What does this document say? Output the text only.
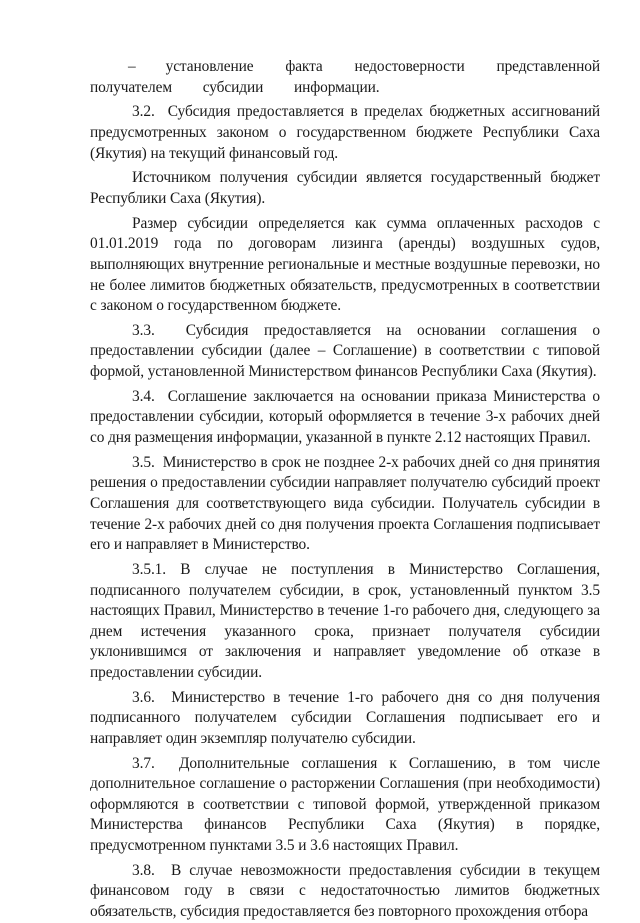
– установление факта недостоверности представленной получателем субсидии информации.

3.2. Субсидия предоставляется в пределах бюджетных ассигнований предусмотренных законом о государственном бюджете Республики Саха (Якутия) на текущий финансовый год.

Источником получения субсидии является государственный бюджет Республики Саха (Якутия).

Размер субсидии определяется как сумма оплаченных расходов с 01.01.2019 года по договорам лизинга (аренды) воздушных судов, выполняющих внутренние региональные и местные воздушные перевозки, но не более лимитов бюджетных обязательств, предусмотренных в соответствии с законом о государственном бюджете.

3.3. Субсидия предоставляется на основании соглашения о предоставлении субсидии (далее – Соглашение) в соответствии с типовой формой, установленной Министерством финансов Республики Саха (Якутия).

3.4. Соглашение заключается на основании приказа Министерства о предоставлении субсидии, который оформляется в течение 3-х рабочих дней со дня размещения информации, указанной в пункте 2.12 настоящих Правил.

3.5. Министерство в срок не позднее 2-х рабочих дней со дня принятия решения о предоставлении субсидии направляет получателю субсидий проект Соглашения для соответствующего вида субсидии. Получатель субсидии в течение 2-х рабочих дней со дня получения проекта Соглашения подписывает его и направляет в Министерство.

3.5.1. В случае не поступления в Министерство Соглашения, подписанного получателем субсидии, в срок, установленный пунктом 3.5 настоящих Правил, Министерство в течение 1-го рабочего дня, следующего за днем истечения указанного срока, признает получателя субсидии уклонившимся от заключения и направляет уведомление об отказе в предоставлении субсидии.

3.6. Министерство в течение 1-го рабочего дня со дня получения подписанного получателем субсидии Соглашения подписывает его и направляет один экземпляр получателю субсидии.

3.7. Дополнительные соглашения к Соглашению, в том числе дополнительное соглашение о расторжении Соглашения (при необходимости) оформляются в соответствии с типовой формой, утвержденной приказом Министерства финансов Республики Саха (Якутия) в порядке, предусмотренном пунктами 3.5 и 3.6 настоящих Правил.

3.8. В случае невозможности предоставления субсидии в текущем финансовом году в связи с недостаточностью лимитов бюджетных обязательств, субсидия предоставляется без повторного прохождения отбора
